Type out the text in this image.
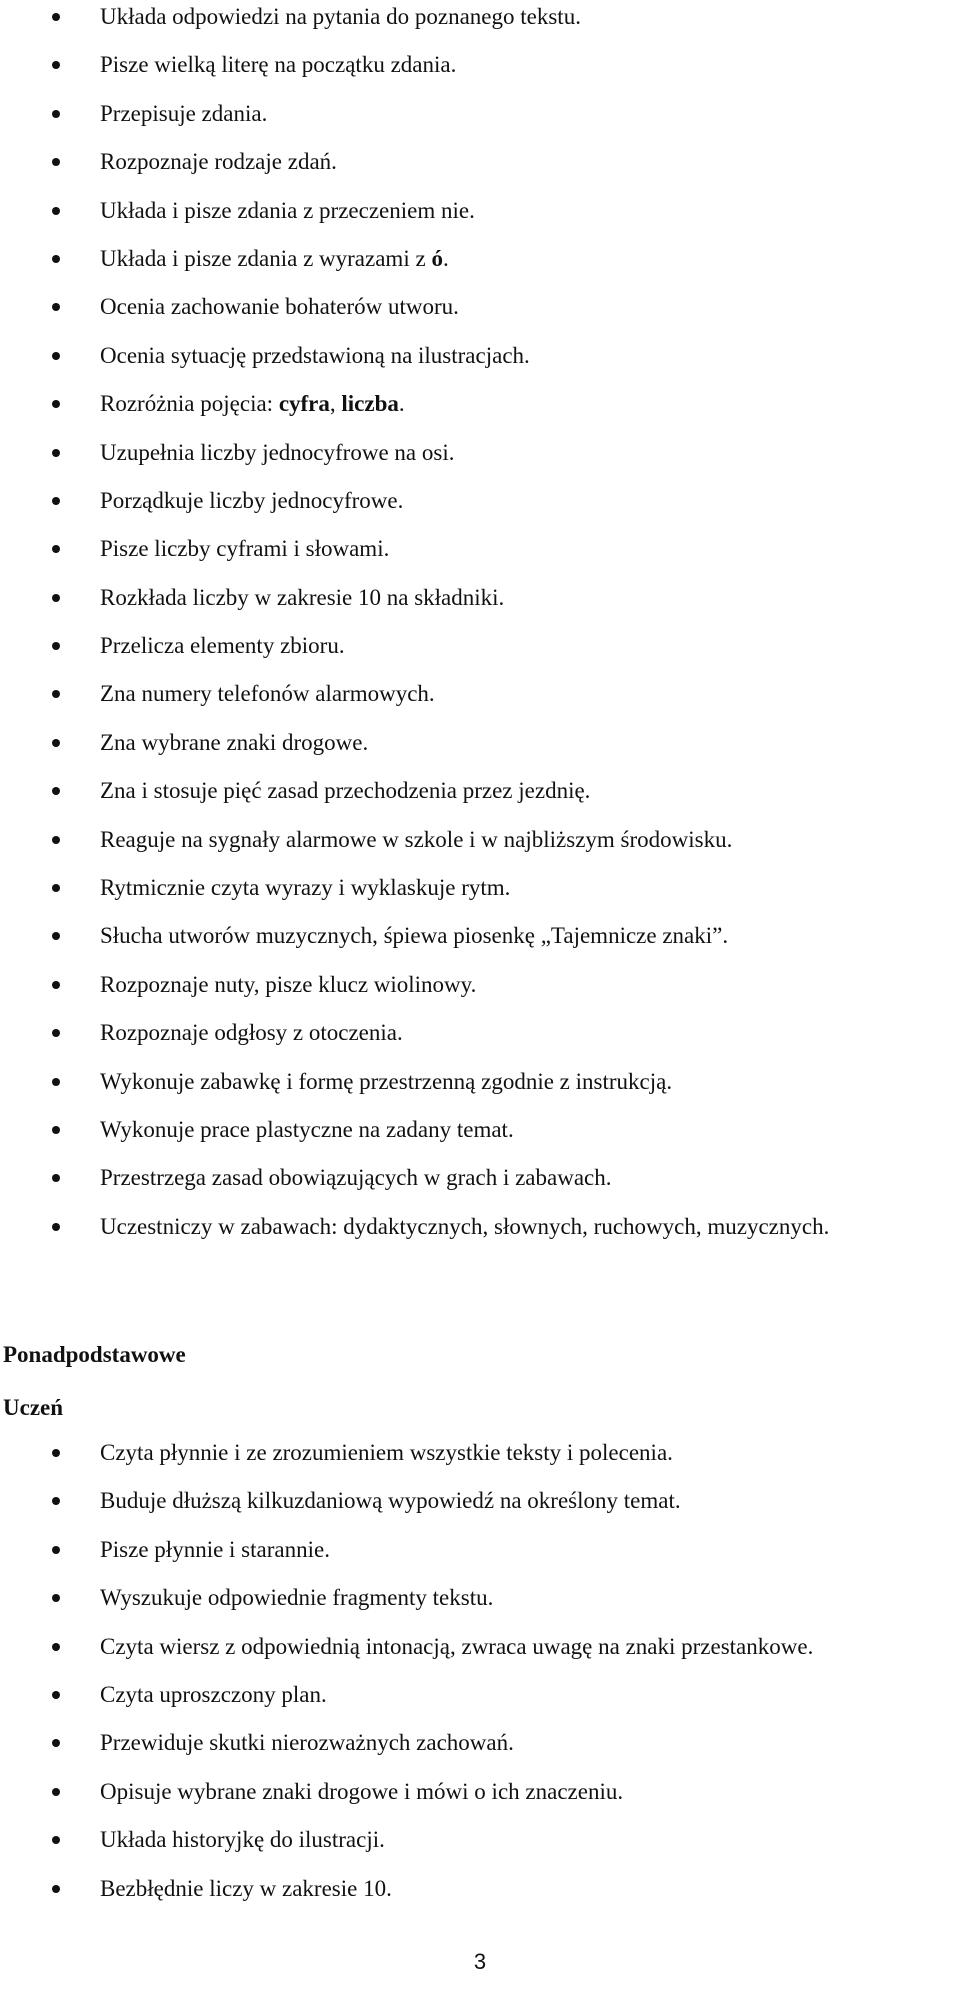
Układa odpowiedzi na pytania do poznanego tekstu.
Pisze wielką literę na początku zdania.
Przepisuje zdania.
Rozpoznaje rodzaje zdań.
Układa i pisze zdania z przeczeniem nie.
Układa i pisze zdania z wyrazami z ó.
Ocenia zachowanie bohaterów utworu.
Ocenia sytuację przedstawioną na ilustracjach.
Rozróżnia pojęcia: cyfra, liczba.
Uzupełnia liczby jednocyfrowe na osi.
Porządkuje liczby jednocyfrowe.
Pisze liczby cyframi i słowami.
Rozkłada liczby w zakresie 10 na składniki.
Przelicza elementy zbioru.
Zna numery telefonów alarmowych.
Zna wybrane znaki drogowe.
Zna i stosuje pięć zasad przechodzenia przez jezdnię.
Reaguje na sygnały alarmowe w szkole i w najbliższym środowisku.
Rytmicznie czyta wyrazy i wyklaskuje rytm.
Słucha utworów muzycznych, śpiewa piosenkę „Tajemnicze znaki”.
Rozpoznaje nuty, pisze klucz wiolinowy.
Rozpoznaje odgłosy z otoczenia.
Wykonuje zabawkę i formę przestrzenną zgodnie z instrukcją.
Wykonuje prace plastyczne na zadany temat.
Przestrzega zasad obowiązujących w grach i zabawach.
Uczestniczy w zabawach: dydaktycznych, słownych, ruchowych, muzycznych.
Ponadpodstawowe
Uczeń
Czyta płynnie i ze zrozumieniem wszystkie teksty i polecenia.
Buduje dłuższą kilkuzdaniową wypowiedź na określony temat.
Pisze płynnie i starannie.
Wyszukuje odpowiednie fragmenty tekstu.
Czyta wiersz z odpowiednią intonacją, zwraca uwagę na znaki przestankowe.
Czyta uproszczony plan.
Przewiduje skutki nierozważnych zachowań.
Opisuje wybrane znaki drogowe i mówi o ich znaczeniu.
Układa historyjkę do ilustracji.
Bezbłędnie liczy w zakresie 10.
3
